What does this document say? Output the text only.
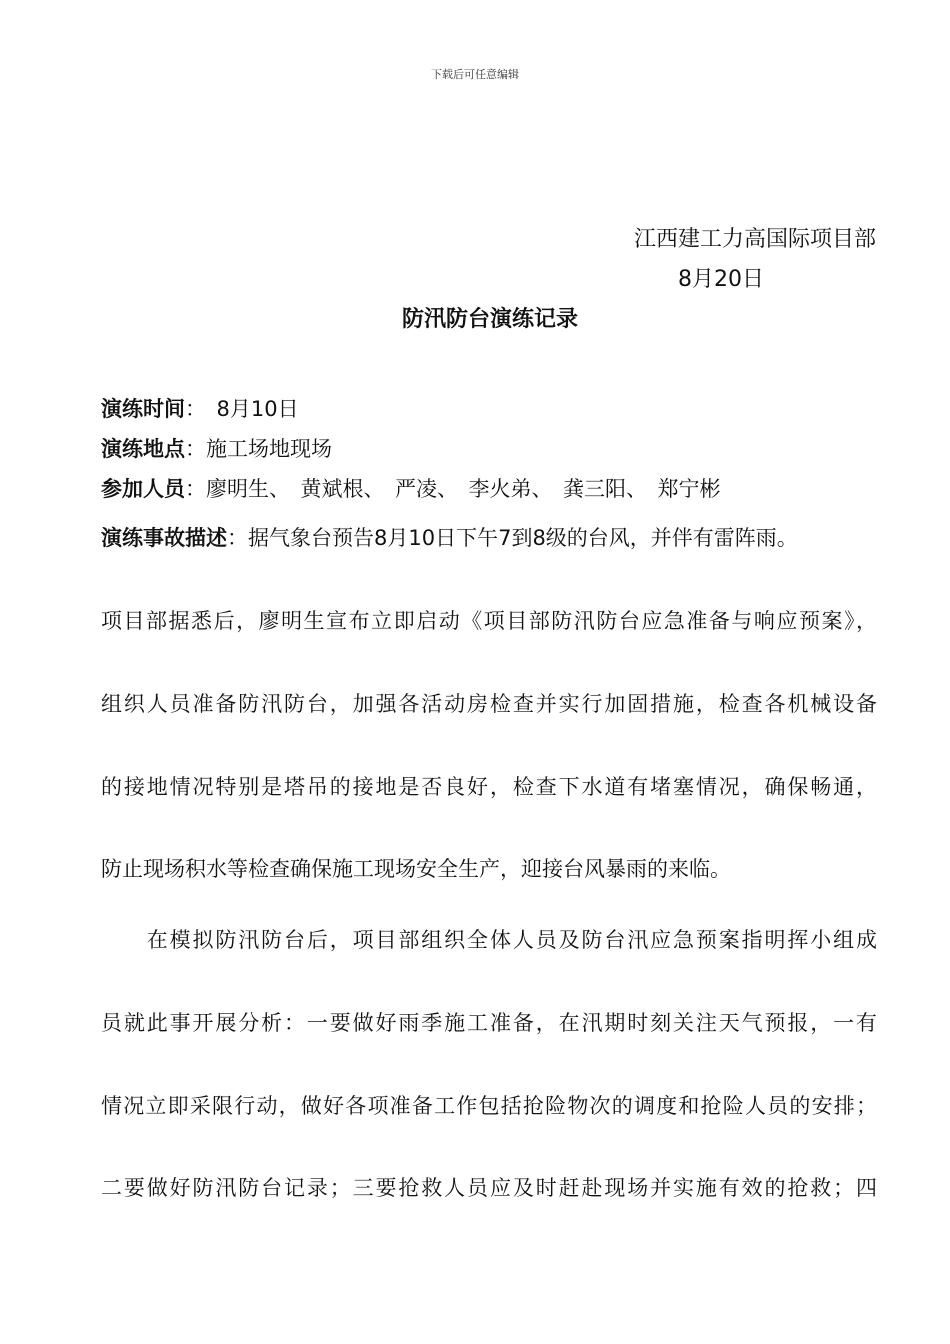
下载后可任意编辑
江西建工力高国际项目部
8月20日
防汛防台演练记录
演练时间：　8月10日
演练地点：施工场地现场
参加人员：廖明生、　黄斌根、　严凌、　李火弟、　龚三阳、　郑宁彬
演练事故描述：据气象台预告8月10日下午7到8级的台风，并伴有雷阵雨。
项目部据悉后，廖明生宣布立即启动《项目部防汛防台应急准备与响应预案》，
组织人员准备防汛防台，加强各活动房检查并实行加固措施，检查各机械设备
的接地情况特别是塔吊的接地是否良好，检查下水道有堵塞情况，确保畅通，
防止现场积水等检查确保施工现场安全生产，迎接台风暴雨的来临。
　　在模拟防汛防台后，项目部组织全体人员及防台汛应急预案指明挥小组成
员就此事开展分析：一要做好雨季施工准备，在汛期时刻关注天气预报，一有
情况立即采限行动，做好各项准备工作包括抢险物次的调度和抢险人员的安排；
二要做好防汛防台记录；三要抢救人员应及时赶赴现场并实施有效的抢救；四
